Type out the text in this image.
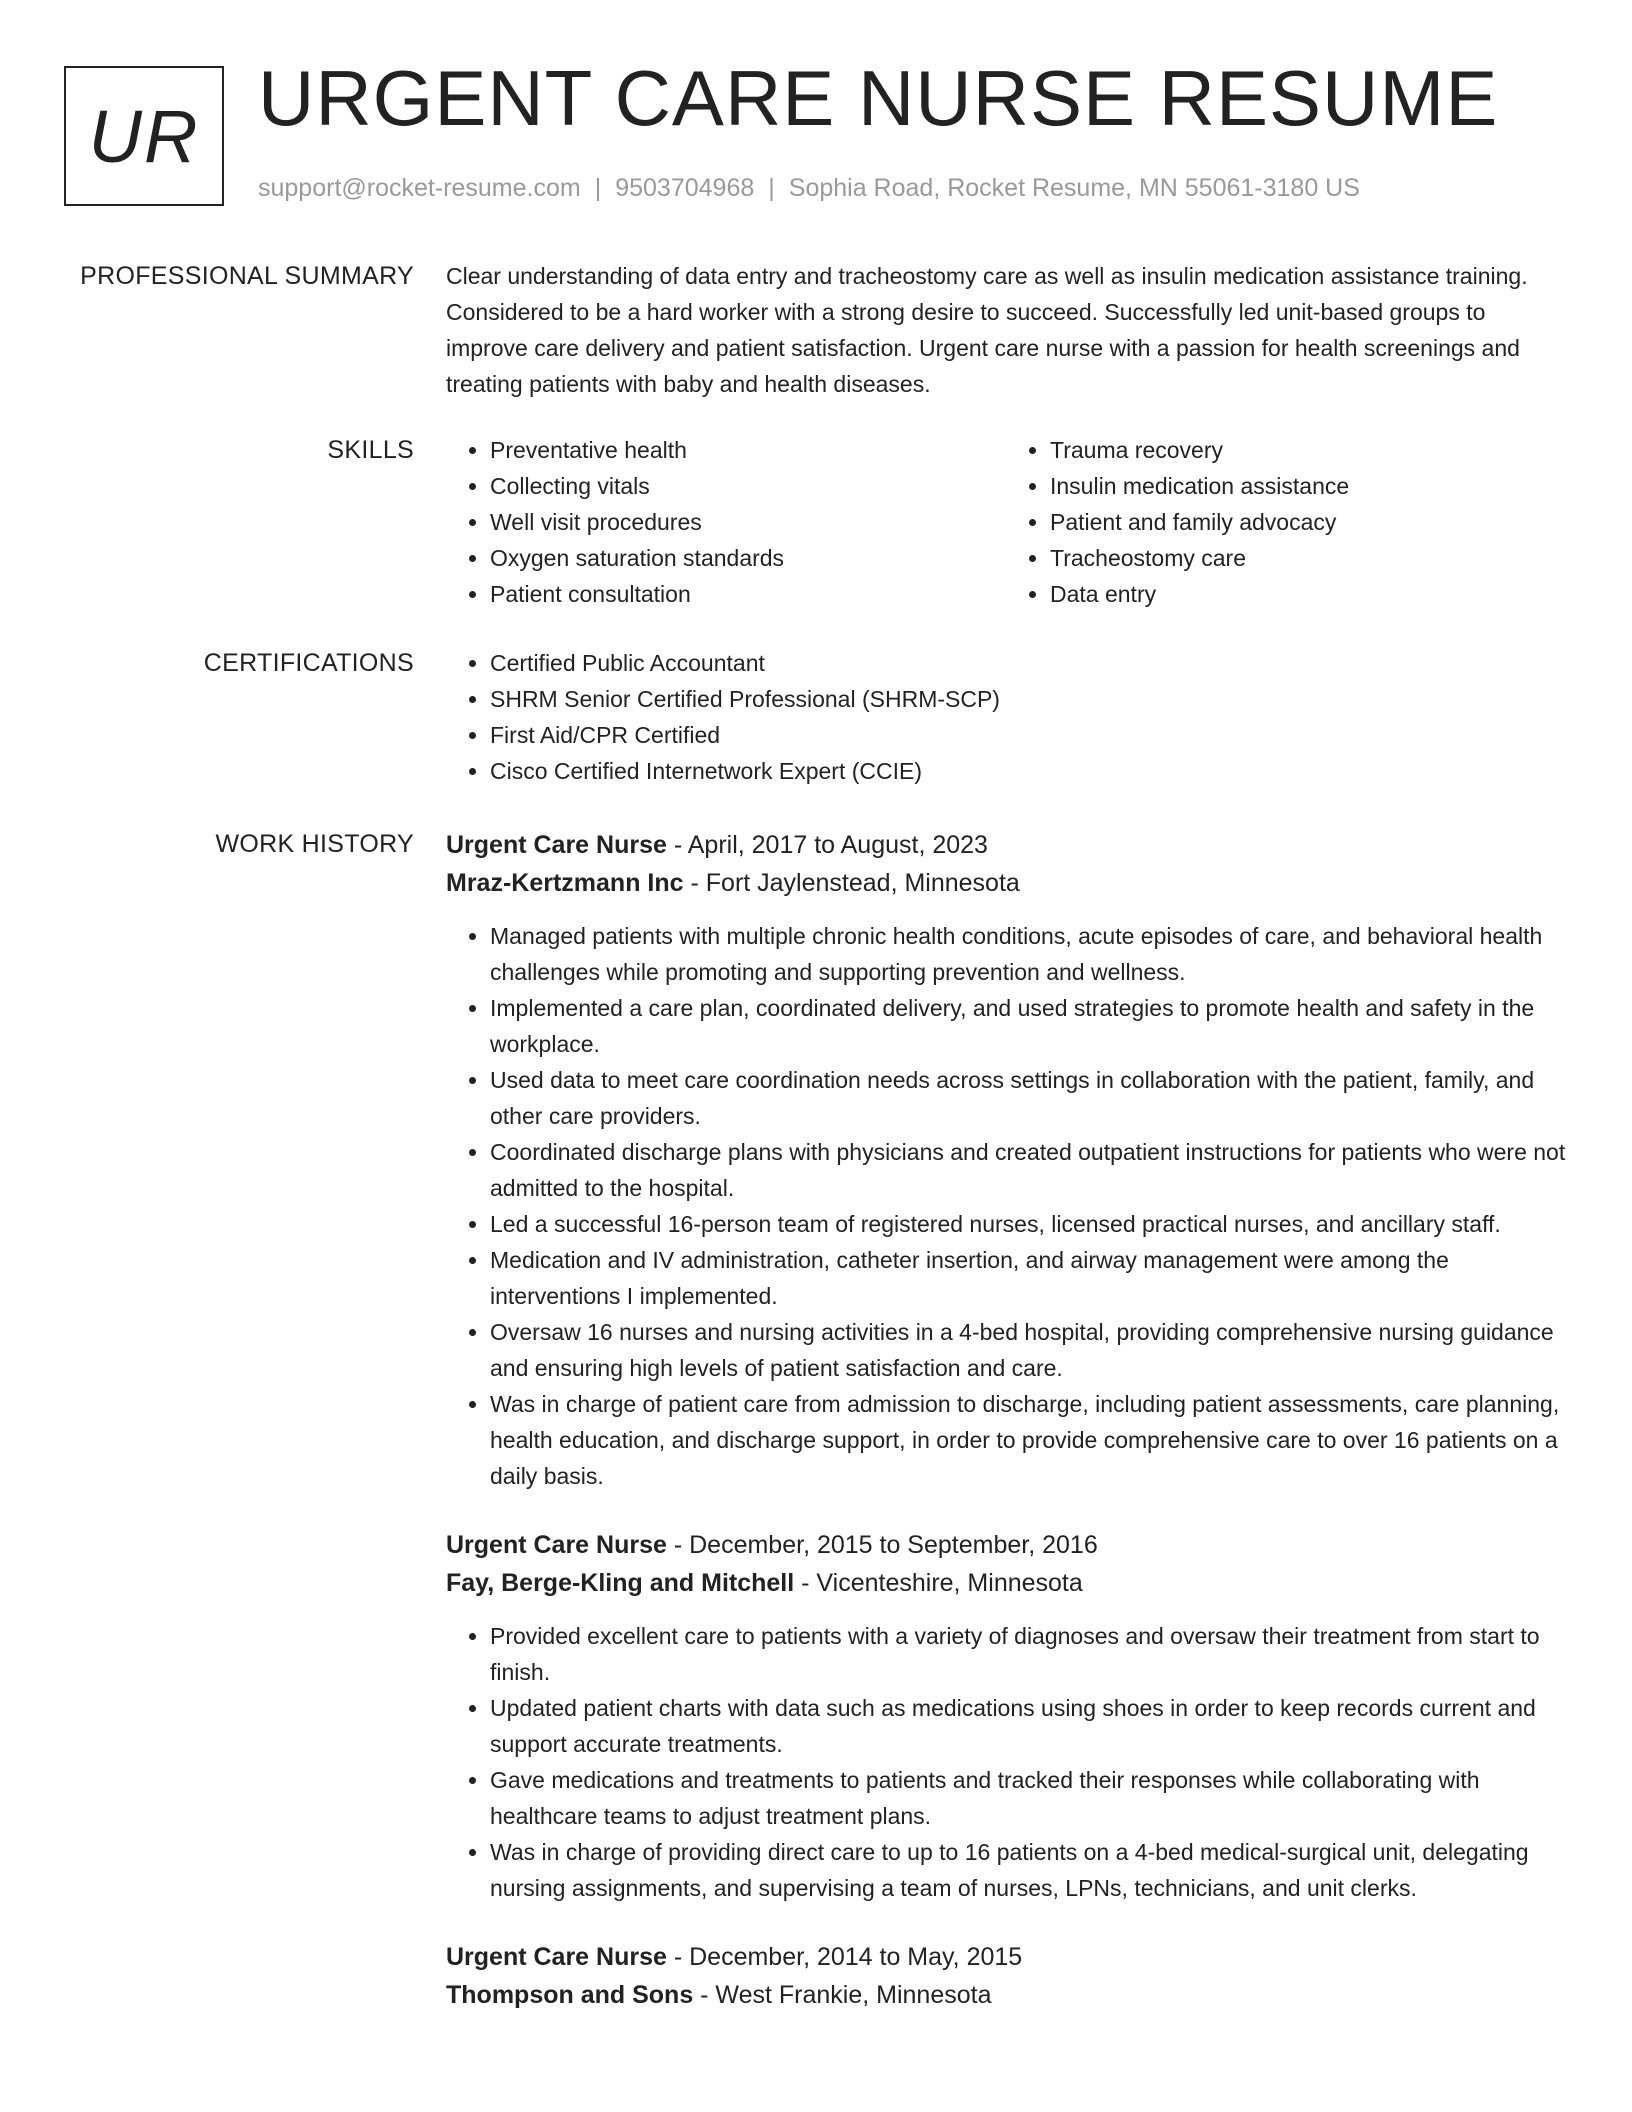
UR URGENT CARE NURSE RESUME
support@rocket-resume.com | 9503704968 | Sophia Road, Rocket Resume, MN 55061-3180 US
PROFESSIONAL SUMMARY Clear understanding of data entry and tracheostomy care as well as insulin medication assistance training. Considered to be a hard worker with a strong desire to succeed. Successfully led unit-based groups to improve care delivery and patient satisfaction. Urgent care nurse with a passion for health screenings and treating patients with baby and health diseases.
SKILLS	• Preventative health
• Collecting vitals
• Well visit procedures
• Oxygen saturation standards
• Patient consultation
• Trauma recovery
• Insulin medication assistance
• Patient and family advocacy
• Tracheostomy care
• Data entry
CERTIFICATIONS	• Certified Public Accountant
• SHRM Senior Certified Professional (SHRM-SCP)
• First Aid/CPR Certified
• Cisco Certified Internetwork Expert (CCIE)
WORK HISTORY Urgent Care Nurse - April, 2017 to August, 2023
Mraz-Kertzmann Inc - Fort Jaylenstead, Minnesota
• Managed patients with multiple chronic health conditions, acute episodes of care, and behavioral health challenges while promoting and supporting prevention and wellness.
• Implemented a care plan, coordinated delivery, and used strategies to promote health and safety in the workplace.
• Used data to meet care coordination needs across settings in collaboration with the patient, family, and other care providers.
• Coordinated discharge plans with physicians and created outpatient instructions for patients who were not admitted to the hospital.
• Led a successful 16-person team of registered nurses, licensed practical nurses, and ancillary staff.
• Medication and IV administration, catheter insertion, and airway management were among the interventions I implemented.
• Oversaw 16 nurses and nursing activities in a 4-bed hospital, providing comprehensive nursing guidance and ensuring high levels of patient satisfaction and care.
• Was in charge of patient care from admission to discharge, including patient assessments, care planning, health education, and discharge support, in order to provide comprehensive care to over 16 patients on a daily basis.
Urgent Care Nurse - December, 2015 to September, 2016
Fay, Berge-Kling and Mitchell - Vicenteshire, Minnesota
• Provided excellent care to patients with a variety of diagnoses and oversaw their treatment from start to finish.
• Updated patient charts with data such as medications using shoes in order to keep records current and support accurate treatments.
• Gave medications and treatments to patients and tracked their responses while collaborating with healthcare teams to adjust treatment plans.
• Was in charge of providing direct care to up to 16 patients on a 4-bed medical-surgical unit, delegating nursing assignments, and supervising a team of nurses, LPNs, technicians, and unit clerks.
Urgent Care Nurse - December, 2014 to May, 2015
Thompson and Sons - West Frankie, Minnesota
